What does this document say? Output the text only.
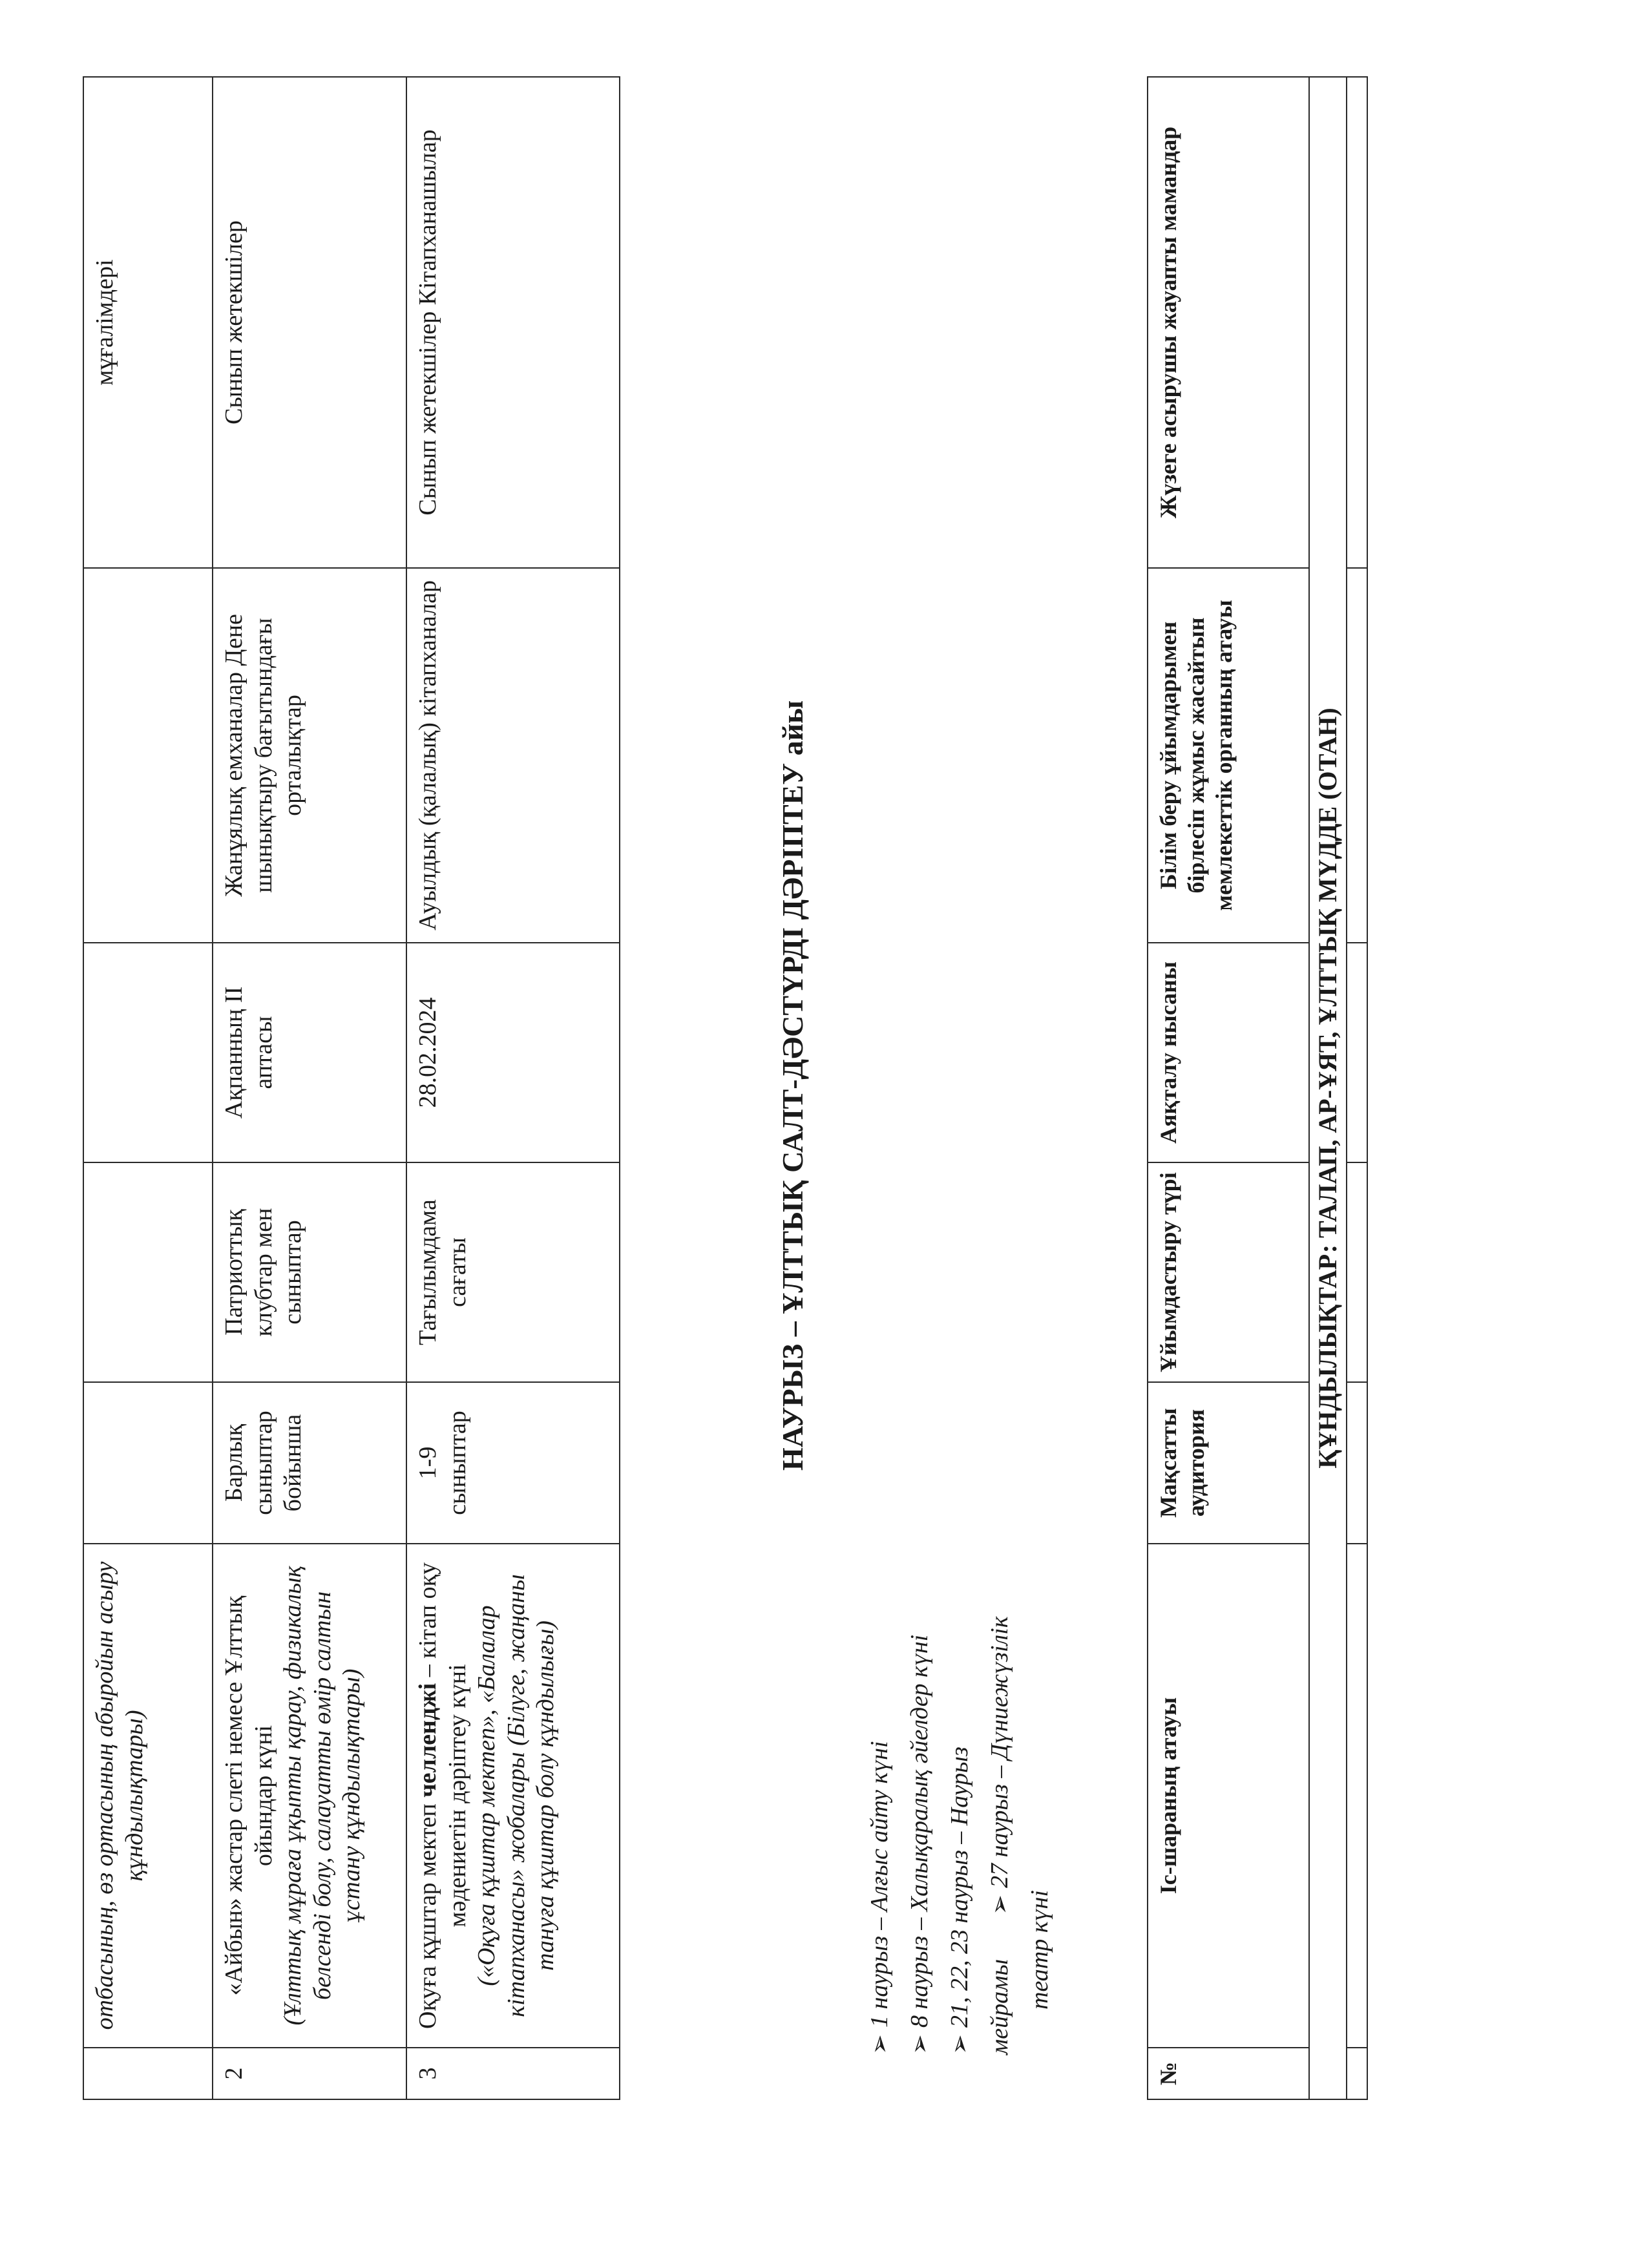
	отбасының, өз ортасының абыройын асыру құндылықтары)					мұғалімдері
2	«Айбын» жастар слеті немесе Ұлттық ойындар күні (Ұлттық мұраға ұқыпты қарау, физикалық белсенді болу, салауатты өмір салтын ұстану құндылықтары)	Барлық сыныптар бойынша	Патриоттық клубтар мен сыныптар	Ақпанның II аптасы	Жанұялық емханалар Дене шынықтыру бағытындағы орталықтар	Сынып жетекшілер
3	Оқуға құштар мектеп челленджі – кітап оқу мәдениетін дәріптеу күні («Оқуға құштар мектеп», «Балалар кітапханасы» жобалары (Білуге, жаңаны тануға құштар болу құндылығы)	1-9 сыныптар	Тағылымдама сағаты	28.02.2024	Ауылдық (қалалық) кітапханалар	Сынып жетекшілер Кітапханашылар
НАУРЫЗ – ҰЛТТЫҚ САЛТ-ДӘСТҮРДІ ДӘРІПТЕУ айы
➢
1 наурыз – Алғыс айту күні
➢
8 наурыз – Халықаралық әйелдер күні
➢
21, 22, 23 наурыз – Наурыз мейрамы
➢
27 наурыз – Дүниежүзілік
театр күні
№	Іс-шараның атауы	Мақсатты аудитория	Ұйымдастыру түрі	Аяқталу нысаны	Білім беру ұйымдарымен бірлесіп жұмыс жасайтын мемлекеттік органның атауы	Жүзеге асырушы жауапты мамандар
ҚҰНДЫЛЫҚТАР: ТАЛАП, АР-ҰЯТ, ҰЛТТЫҚ МҮДДЕ (ОТАН)						
